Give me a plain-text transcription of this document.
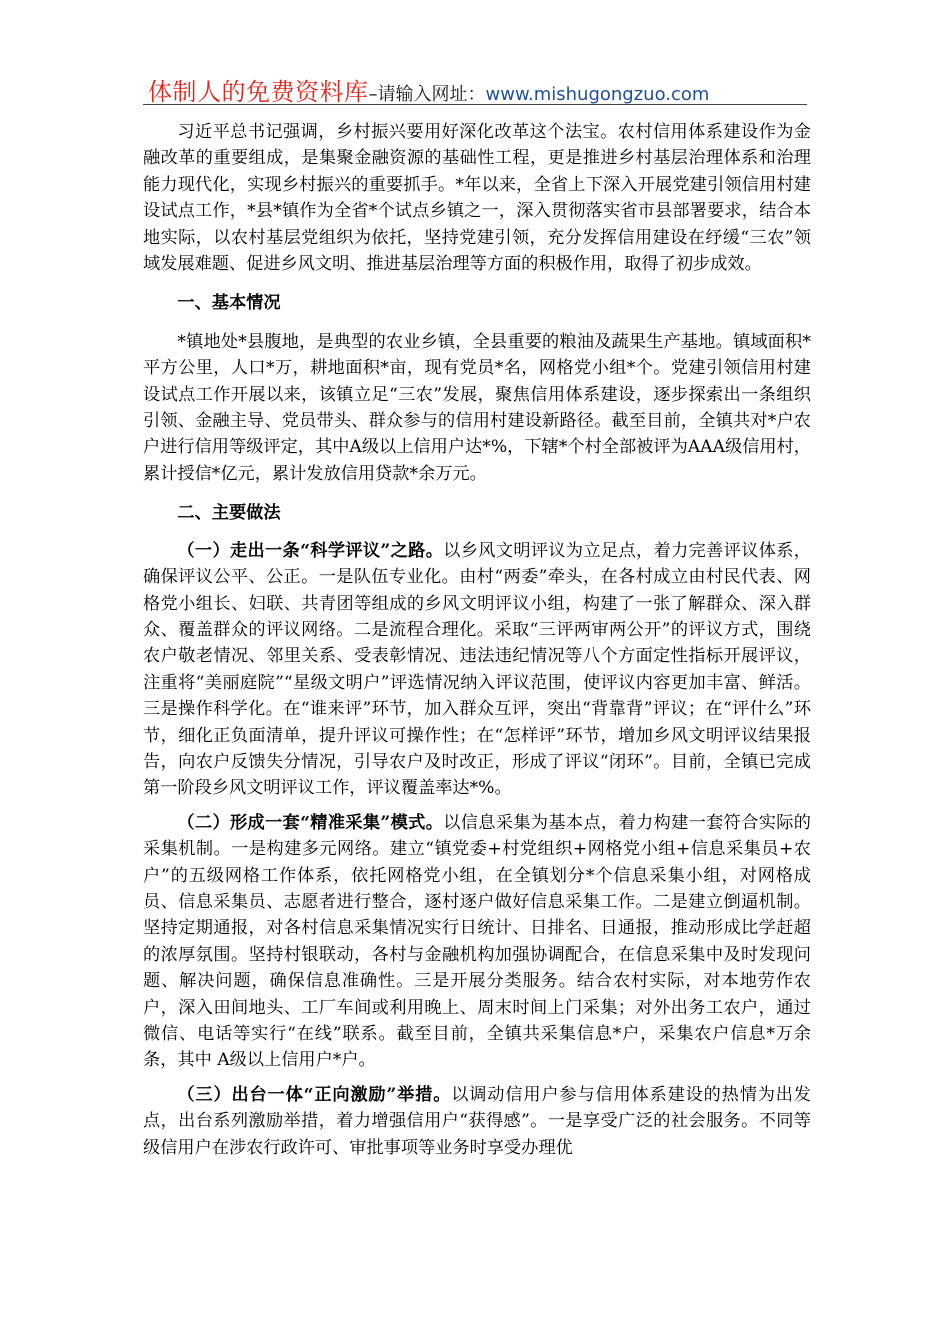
体制人的免费资料库–请输入网址：www.mishugongzuo.com

习近平总书记强调，乡村振兴要用好深化改革这个法宝。农村信用体系建设作为金融改革的重要组成，是集聚金融资源的基础性工程，更是推进乡村基层治理体系和治理能力现代化，实现乡村振兴的重要抓手。*年以来，全省上下深入开展党建引领信用村建设试点工作，*县*镇作为全省*个试点乡镇之一，深入贯彻落实省市县部署要求，结合本地实际，以农村基层党组织为依托，坚持党建引领，充分发挥信用建设在纾缓“三农”领域发展难题、促进乡风文明、推进基层治理等方面的积极作用，取得了初步成效。

一、基本情况

*镇地处*县腹地，是典型的农业乡镇，全县重要的粮油及蔬果生产基地。镇域面积*平方公里，人口*万，耕地面积*亩，现有党员*名，网格党小组*个。党建引领信用村建设试点工作开展以来，该镇立足“三农”发展，聚焦信用体系建设，逐步探索出一条组织引领、金融主导、党员带头、群众参与的信用村建设新路径。截至目前，全镇共对*户农户进行信用等级评定，其中A级以上信用户达*%，下辖*个村全部被评为AAA级信用村，累计授信*亿元，累计发放信用贷款*余万元。

二、主要做法

（一）走出一条“科学评议”之路。以乡风文明评议为立足点，着力完善评议体系，确保评议公平、公正。一是队伍专业化。由村“两委”牵头，在各村成立由村民代表、网格党小组长、妇联、共青团等组成的乡风文明评议小组，构建了一张了解群众、深入群众、覆盖群众的评议网络。二是流程合理化。采取“三评两审两公开”的评议方式，围绕农户敬老情况、邻里关系、受表彰情况、违法违纪情况等八个方面定性指标开展评议，注重将“美丽庭院”“星级文明户”评选情况纳入评议范围，使评议内容更加丰富、鲜活。三是操作科学化。在“谁来评”环节，加入群众互评，突出“背靠背”评议；在“评什么”环节，细化正负面清单，提升评议可操作性；在“怎样评”环节，增加乡风文明评议结果报告，向农户反馈失分情况，引导农户及时改正，形成了评议“闭环”。目前，全镇已完成第一阶段乡风文明评议工作，评议覆盖率达*%。

（二）形成一套“精准采集”模式。以信息采集为基本点，着力构建一套符合实际的采集机制。一是构建多元网络。建立“镇党委+村党组织+网格党小组+信息采集员+农户”的五级网格工作体系，依托网格党小组，在全镇划分*个信息采集小组，对网格成员、信息采集员、志愿者进行整合，逐村逐户做好信息采集工作。二是建立倒逼机制。坚持定期通报，对各村信息采集情况实行日统计、日排名、日通报，推动形成比学赶超的浓厚氛围。坚持村银联动，各村与金融机构加强协调配合，在信息采集中及时发现问题、解决问题，确保信息准确性。三是开展分类服务。结合农村实际，对本地劳作农户，深入田间地头、工厂车间或利用晚上、周末时间上门采集；对外出务工农户，通过微信、电话等实行“在线”联系。截至目前，全镇共采集信息*户，采集农户信息*万余条，其中 A级以上信用户*户。

（三）出台一体“正向激励”举措。以调动信用户参与信用体系建设的热情为出发点，出台系列激励举措，着力增强信用户“获得感”。一是享受广泛的社会服务。不同等级信用户在涉农行政许可、审批事项等业务时享受办理优
